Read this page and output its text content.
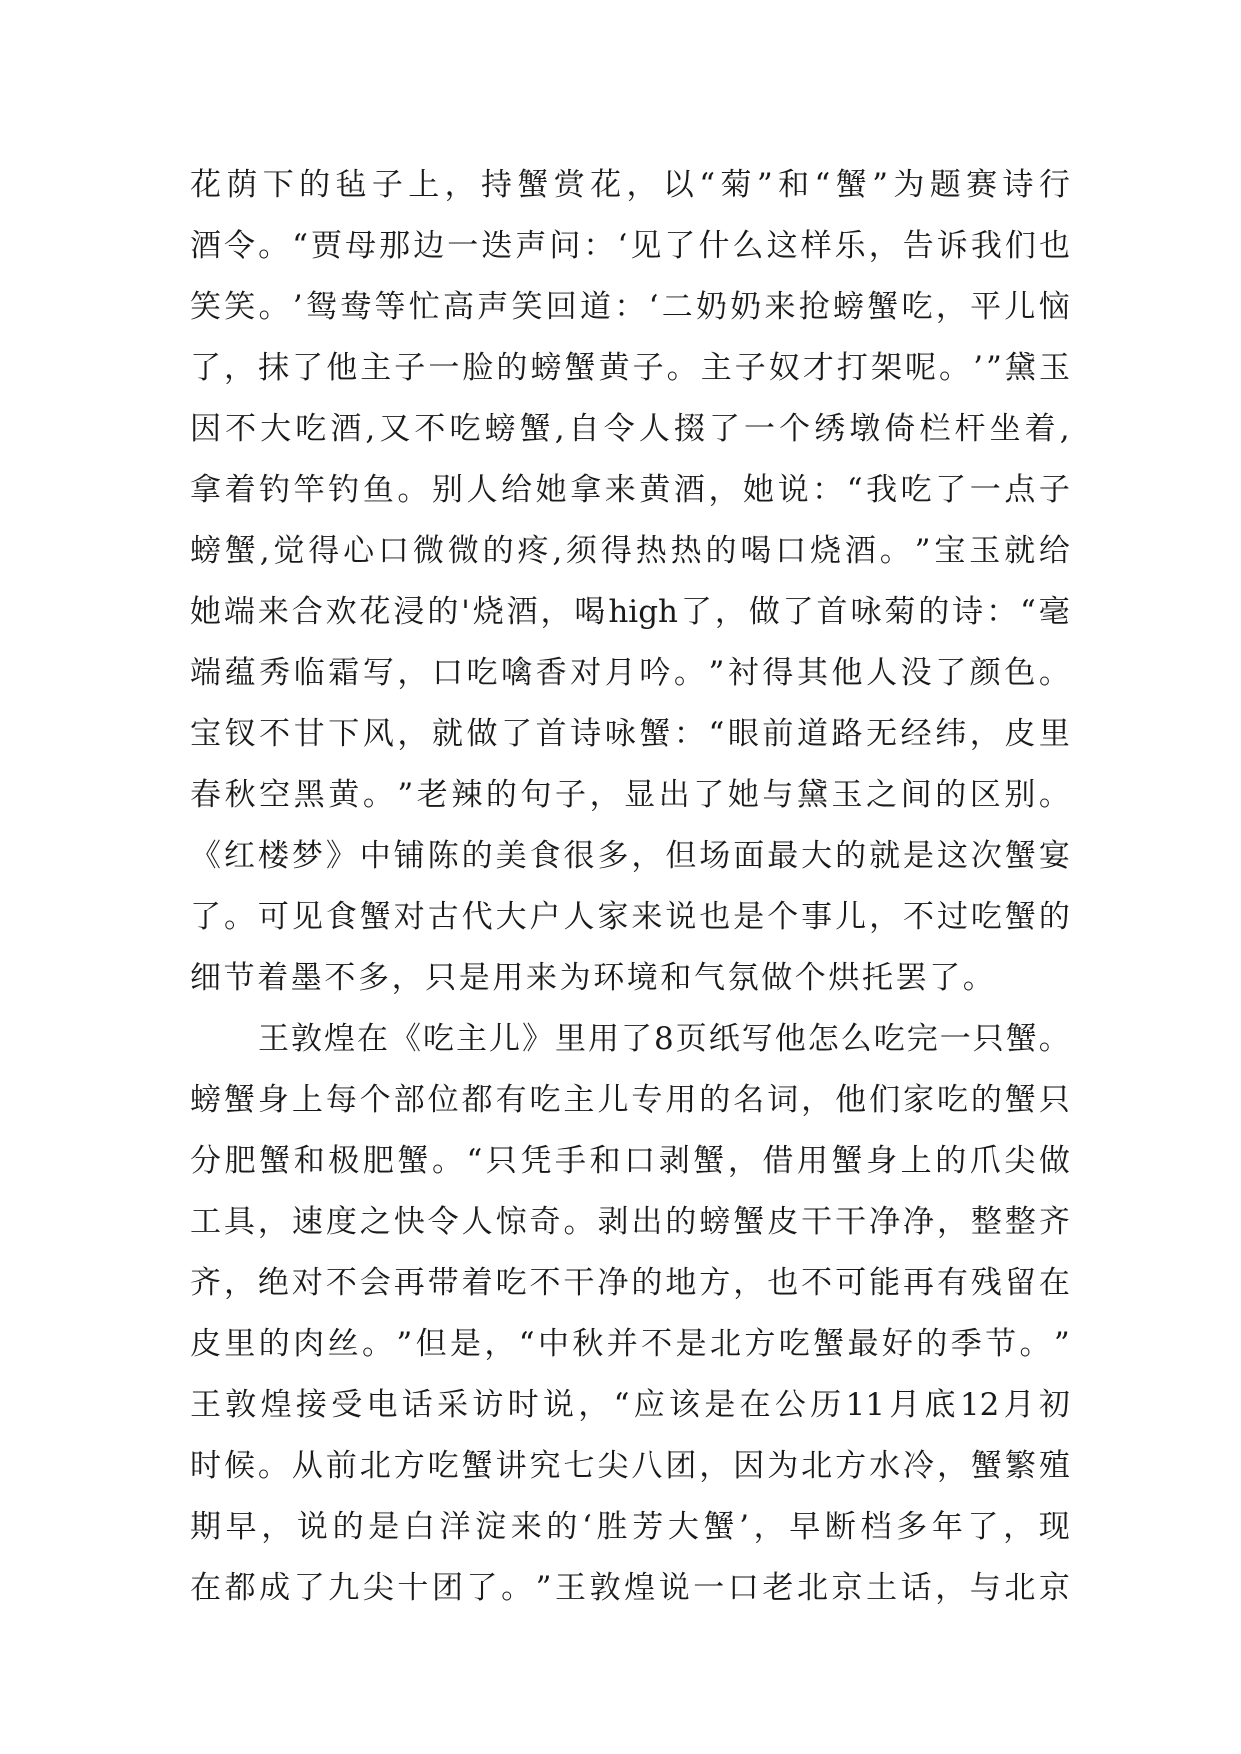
花 荫 下 的 毡 子 上 ， 持 蟹 赏 花 ， 以 “ 菊 ” 和 “ 蟹 ” 为 题 赛 诗 行
酒 令 。 “ 贾 母 那 边 一 迭 声 问 ： ‘ 见 了 什 么 这 样 乐 ， 告 诉 我 们 也
笑 笑 。 ’ 鸳 鸯 等 忙 高 声 笑 回 道 ： ‘ 二 奶 奶 来 抢 螃 蟹 吃 ， 平 儿 恼
了 ， 抹 了 他 主 子 一 脸 的 螃 蟹 黄 子 。 主 子 奴 才 打 架 呢 。 ’ ” 黛 玉
因 不 大 吃 酒 , 又 不 吃 螃 蟹 , 自 令 人 掇 了 一 个 绣 墩 倚 栏 杆 坐 着 ,
拿 着 钓 竿 钓 鱼 。 别 人 给 她 拿 来 黄 酒 ， 她 说 ： “ 我 吃 了 一 点 子
螃 蟹 , 觉 得 心 口 微 微 的 疼 , 须 得 热 热 的 喝 口 烧 酒 。 ” 宝 玉 就 给
她 端 来 合 欢 花 浸 的 ' 烧 酒 ， 喝 high 了 ， 做 了 首 咏 菊 的 诗 ： “ 毫
端 蕴 秀 临 霜 写 ， 口 吃 噙 香 对 月 吟 。 ” 衬 得 其 他 人 没 了 颜 色 。
宝 钗 不 甘 下 风 ， 就 做 了 首 诗 咏 蟹 ： “ 眼 前 道 路 无 经 纬 ， 皮 里
春 秋 空 黑 黄 。 ” 老 辣 的 句 子 ， 显 出 了 她 与 黛 玉 之 间 的 区 别 。
《 红 楼 梦 》 中 铺 陈 的 美 食 很 多 ， 但 场 面 最 大 的 就 是 这 次 蟹 宴
了 。 可 见 食 蟹 对 古 代 大 户 人 家 来 说 也 是 个 事 儿 ， 不 过 吃 蟹 的
细节着墨不多，只是用来为环境和气氛做个烘托罢了。
王 敦 煌 在 《 吃 主 儿 》 里 用 了 8 页 纸 写 他 怎 么 吃 完 一 只 蟹 。
螃 蟹 身 上 每 个 部 位 都 有 吃 主 儿 专 用 的 名 词 ， 他 们 家 吃 的 蟹 只
分 肥 蟹 和 极 肥 蟹 。 “ 只 凭 手 和 口 剥 蟹 ， 借 用 蟹 身 上 的 爪 尖 做
工 具 ， 速 度 之 快 令 人 惊 奇 。 剥 出 的 螃 蟹 皮 干 干 净 净 ， 整 整 齐
齐 ， 绝 对 不 会 再 带 着 吃 不 干 净 的 地 方 ， 也 不 可 能 再 有 残 留 在
皮 里 的 肉 丝 。 ” 但 是 ， “ 中 秋 并 不 是 北 方 吃 蟹 最 好 的 季 节 。 ”
王 敦 煌 接 受 电 话 采 访 时 说 ， “ 应 该 是 在 公 历 11 月 底 12 月 初
时 候 。 从 前 北 方 吃 蟹 讲 究 七 尖 八 团 ， 因 为 北 方 水 冷 ， 蟹 繁 殖
期 早 ， 说 的 是 白 洋 淀 来 的 ‘ 胜 芳 大 蟹 ’ ， 早 断 档 多 年 了 ， 现
在 都 成 了 九 尖 十 团 了 。 ” 王 敦 煌 说 一 口 老 北 京 土 话 ， 与 北 京
